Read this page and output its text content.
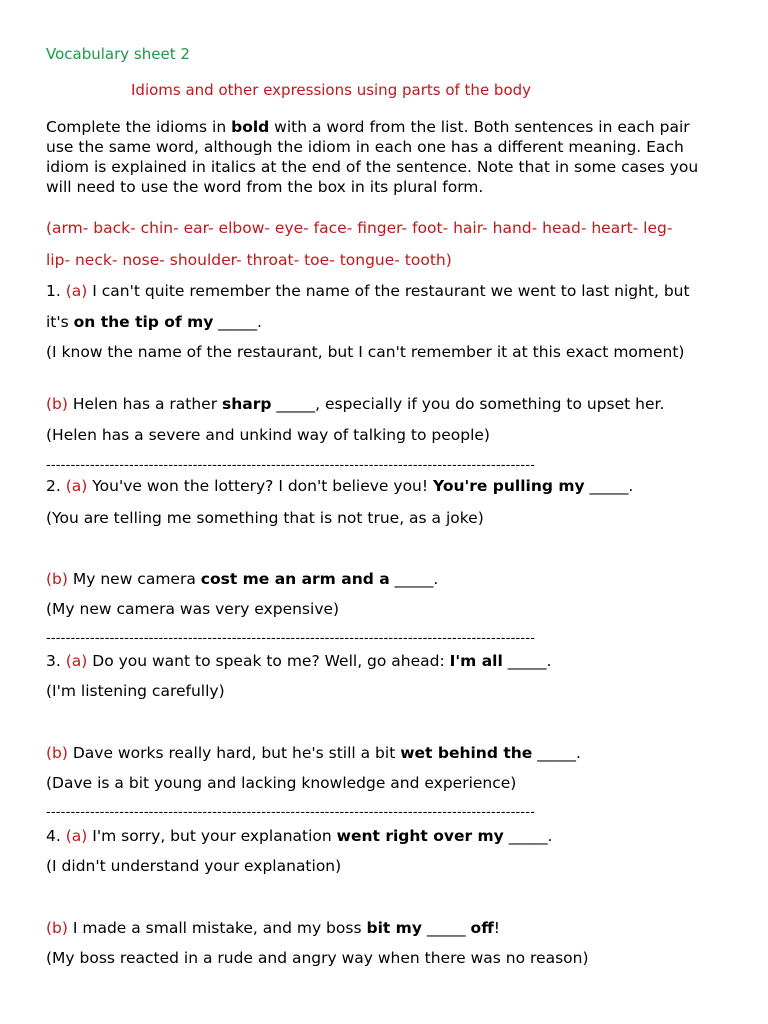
Vocabulary sheet 2
Idioms and other expressions using parts of the body
Complete the idioms in bold with a word from the list. Both sentences in each pair
use the same word, although the idiom in each one has a different meaning. Each
idiom is explained in italics at the end of the sentence. Note that in some cases you
will need to use the word from the box in its plural form.
(arm- back- chin- ear- elbow- eye- face- finger- foot- hair- hand- head- heart- leg-
lip- neck- nose- shoulder- throat- toe- tongue- tooth)
1. (a) I can't quite remember the name of the restaurant we went to last night, but
it's on the tip of my _____.
(I know the name of the restaurant, but I can't remember it at this exact moment)
(b) Helen has a rather sharp _____, especially if you do something to upset her.
(Helen has a severe and unkind way of talking to people)
----------------------------------------------------------------------------------------------------
2. (a) You've won the lottery? I don't believe you! You're pulling my _____.
(You are telling me something that is not true, as a joke)
(b) My new camera cost me an arm and a _____.
(My new camera was very expensive)
----------------------------------------------------------------------------------------------------
3. (a) Do you want to speak to me? Well, go ahead: I'm all _____.
(I'm listening carefully)
(b) Dave works really hard, but he's still a bit wet behind the _____.
(Dave is a bit young and lacking knowledge and experience)
----------------------------------------------------------------------------------------------------
4. (a) I'm sorry, but your explanation went right over my _____.
(I didn't understand your explanation)
(b) I made a small mistake, and my boss bit my _____ off!
(My boss reacted in a rude and angry way when there was no reason)
